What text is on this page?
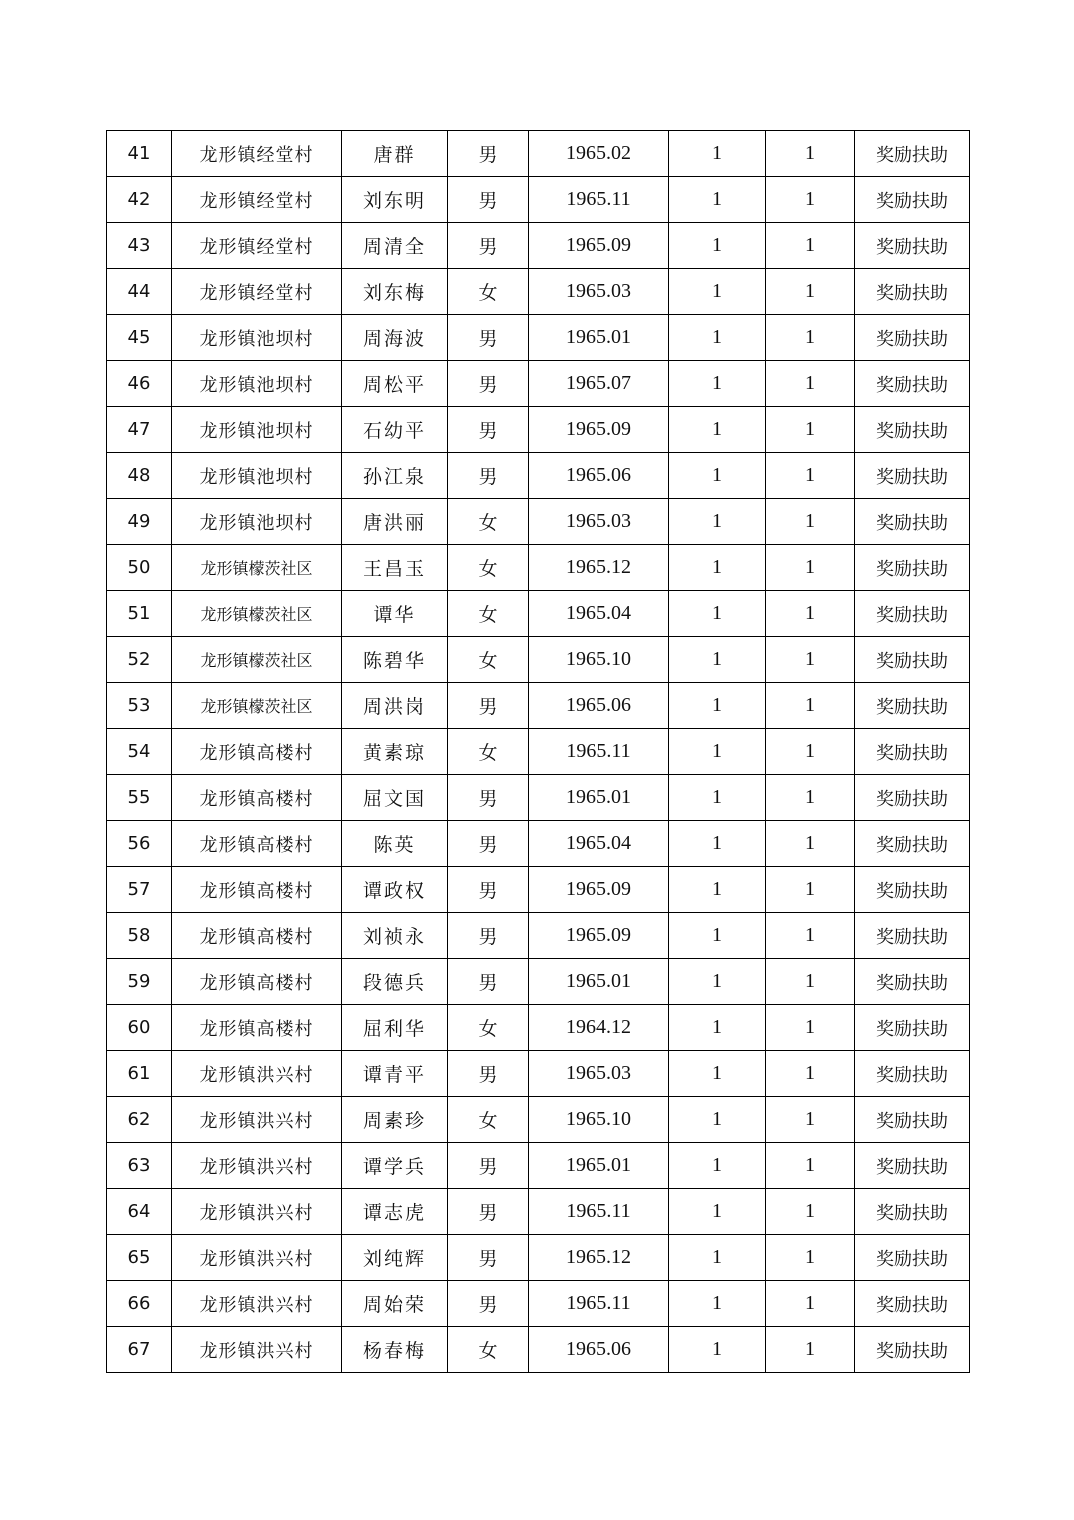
41	龙形镇经堂村	唐群	男	1965.02	1	1	奖励扶助
42	龙形镇经堂村	刘东明	男	1965.11	1	1	奖励扶助
43	龙形镇经堂村	周清全	男	1965.09	1	1	奖励扶助
44	龙形镇经堂村	刘东梅	女	1965.03	1	1	奖励扶助
45	龙形镇池坝村	周海波	男	1965.01	1	1	奖励扶助
46	龙形镇池坝村	周松平	男	1965.07	1	1	奖励扶助
47	龙形镇池坝村	石幼平	男	1965.09	1	1	奖励扶助
48	龙形镇池坝村	孙江泉	男	1965.06	1	1	奖励扶助
49	龙形镇池坝村	唐洪丽	女	1965.03	1	1	奖励扶助
50	龙形镇檬茨社区	王昌玉	女	1965.12	1	1	奖励扶助
51	龙形镇檬茨社区	谭华	女	1965.04	1	1	奖励扶助
52	龙形镇檬茨社区	陈碧华	女	1965.10	1	1	奖励扶助
53	龙形镇檬茨社区	周洪岗	男	1965.06	1	1	奖励扶助
54	龙形镇高楼村	黄素琼	女	1965.11	1	1	奖励扶助
55	龙形镇高楼村	屈文国	男	1965.01	1	1	奖励扶助
56	龙形镇高楼村	陈英	男	1965.04	1	1	奖励扶助
57	龙形镇高楼村	谭政权	男	1965.09	1	1	奖励扶助
58	龙形镇高楼村	刘祯永	男	1965.09	1	1	奖励扶助
59	龙形镇高楼村	段德兵	男	1965.01	1	1	奖励扶助
60	龙形镇高楼村	屈利华	女	1964.12	1	1	奖励扶助
61	龙形镇洪兴村	谭青平	男	1965.03	1	1	奖励扶助
62	龙形镇洪兴村	周素珍	女	1965.10	1	1	奖励扶助
63	龙形镇洪兴村	谭学兵	男	1965.01	1	1	奖励扶助
64	龙形镇洪兴村	谭志虎	男	1965.11	1	1	奖励扶助
65	龙形镇洪兴村	刘纯辉	男	1965.12	1	1	奖励扶助
66	龙形镇洪兴村	周始荣	男	1965.11	1	1	奖励扶助
67	龙形镇洪兴村	杨春梅	女	1965.06	1	1	奖励扶助
